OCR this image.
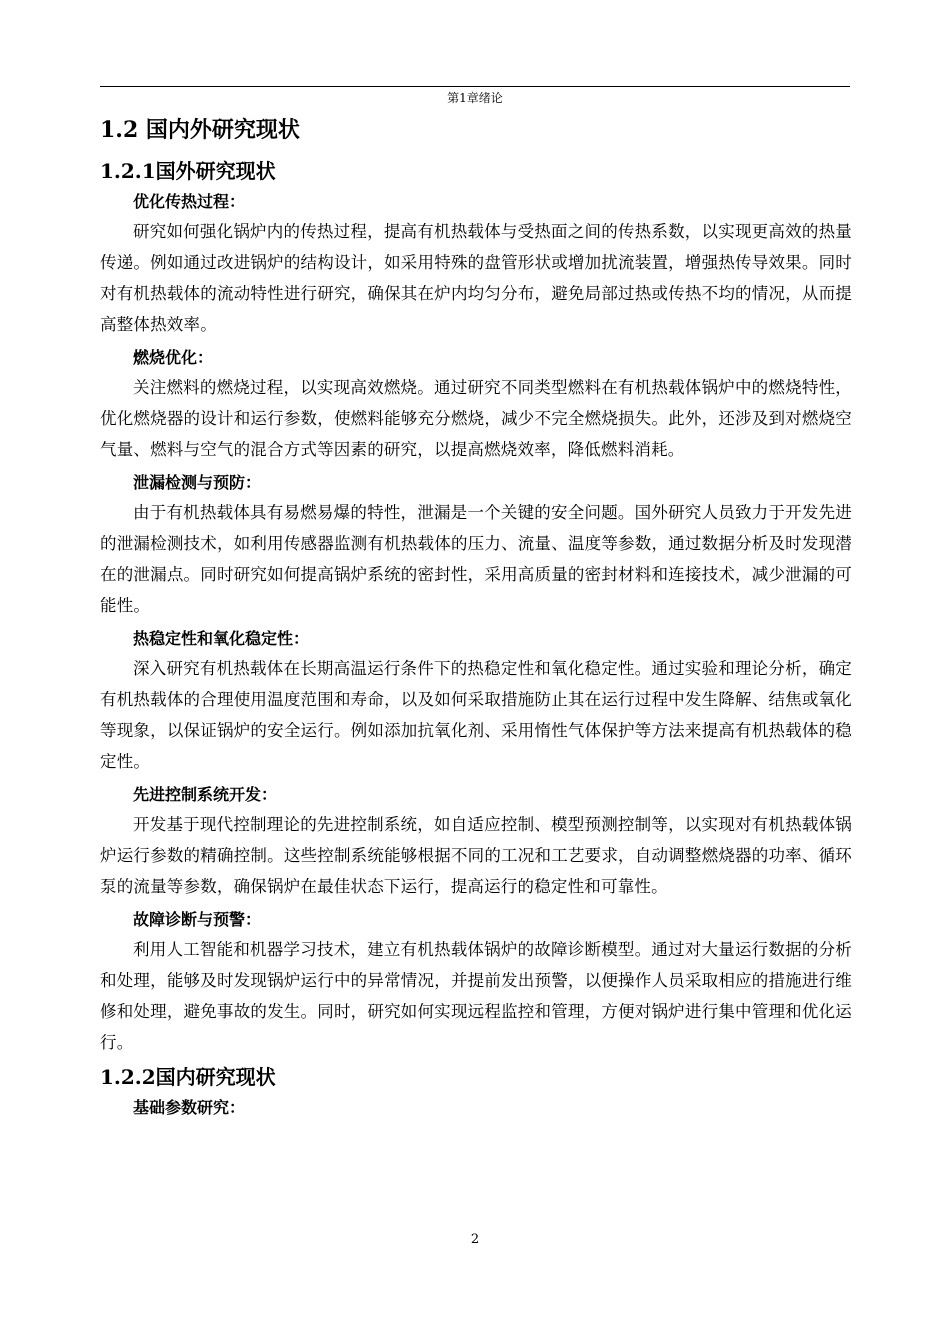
第1章绪论
1.2 国内外研究现状
1.2.1国外研究现状
优化传热过程：

研究如何强化锅炉内的传热过程，提高有机热载体与受热面之间的传热系数，以实现更高效的热量传递。例如通过改进锅炉的结构设计，如采用特殊的盘管形状或增加扰流装置，增强热传导效果。同时对有机热载体的流动特性进行研究，确保其在炉内均匀分布，避免局部过热或传热不均的情况，从而提高整体热效率。

燃烧优化：

关注燃料的燃烧过程，以实现高效燃烧。通过研究不同类型燃料在有机热载体锅炉中的燃烧特性，优化燃烧器的设计和运行参数，使燃料能够充分燃烧，减少不完全燃烧损失。此外，还涉及到对燃烧空气量、燃料与空气的混合方式等因素的研究，以提高燃烧效率，降低燃料消耗。

泄漏检测与预防：

由于有机热载体具有易燃易爆的特性，泄漏是一个关键的安全问题。国外研究人员致力于开发先进的泄漏检测技术，如利用传感器监测有机热载体的压力、流量、温度等参数，通过数据分析及时发现潜在的泄漏点。同时研究如何提高锅炉系统的密封性，采用高质量的密封材料和连接技术，减少泄漏的可能性。

热稳定性和氧化稳定性：

深入研究有机热载体在长期高温运行条件下的热稳定性和氧化稳定性。通过实验和理论分析，确定有机热载体的合理使用温度范围和寿命，以及如何采取措施防止其在运行过程中发生降解、结焦或氧化等现象，以保证锅炉的安全运行。例如添加抗氧化剂、采用惰性气体保护等方法来提高有机热载体的稳定性。

先进控制系统开发：

开发基于现代控制理论的先进控制系统，如自适应控制、模型预测控制等，以实现对有机热载体锅炉运行参数的精确控制。这些控制系统能够根据不同的工况和工艺要求，自动调整燃烧器的功率、循环泵的流量等参数，确保锅炉在最佳状态下运行，提高运行的稳定性和可靠性。

故障诊断与预警：

利用人工智能和机器学习技术，建立有机热载体锅炉的故障诊断模型。通过对大量运行数据的分析和处理，能够及时发现锅炉运行中的异常情况，并提前发出预警，以便操作人员采取相应的措施进行维修和处理，避免事故的发生。同时，研究如何实现远程监控和管理，方便对锅炉进行集中管理和优化运行。

1.2.2国内研究现状
基础参数研究：
2
